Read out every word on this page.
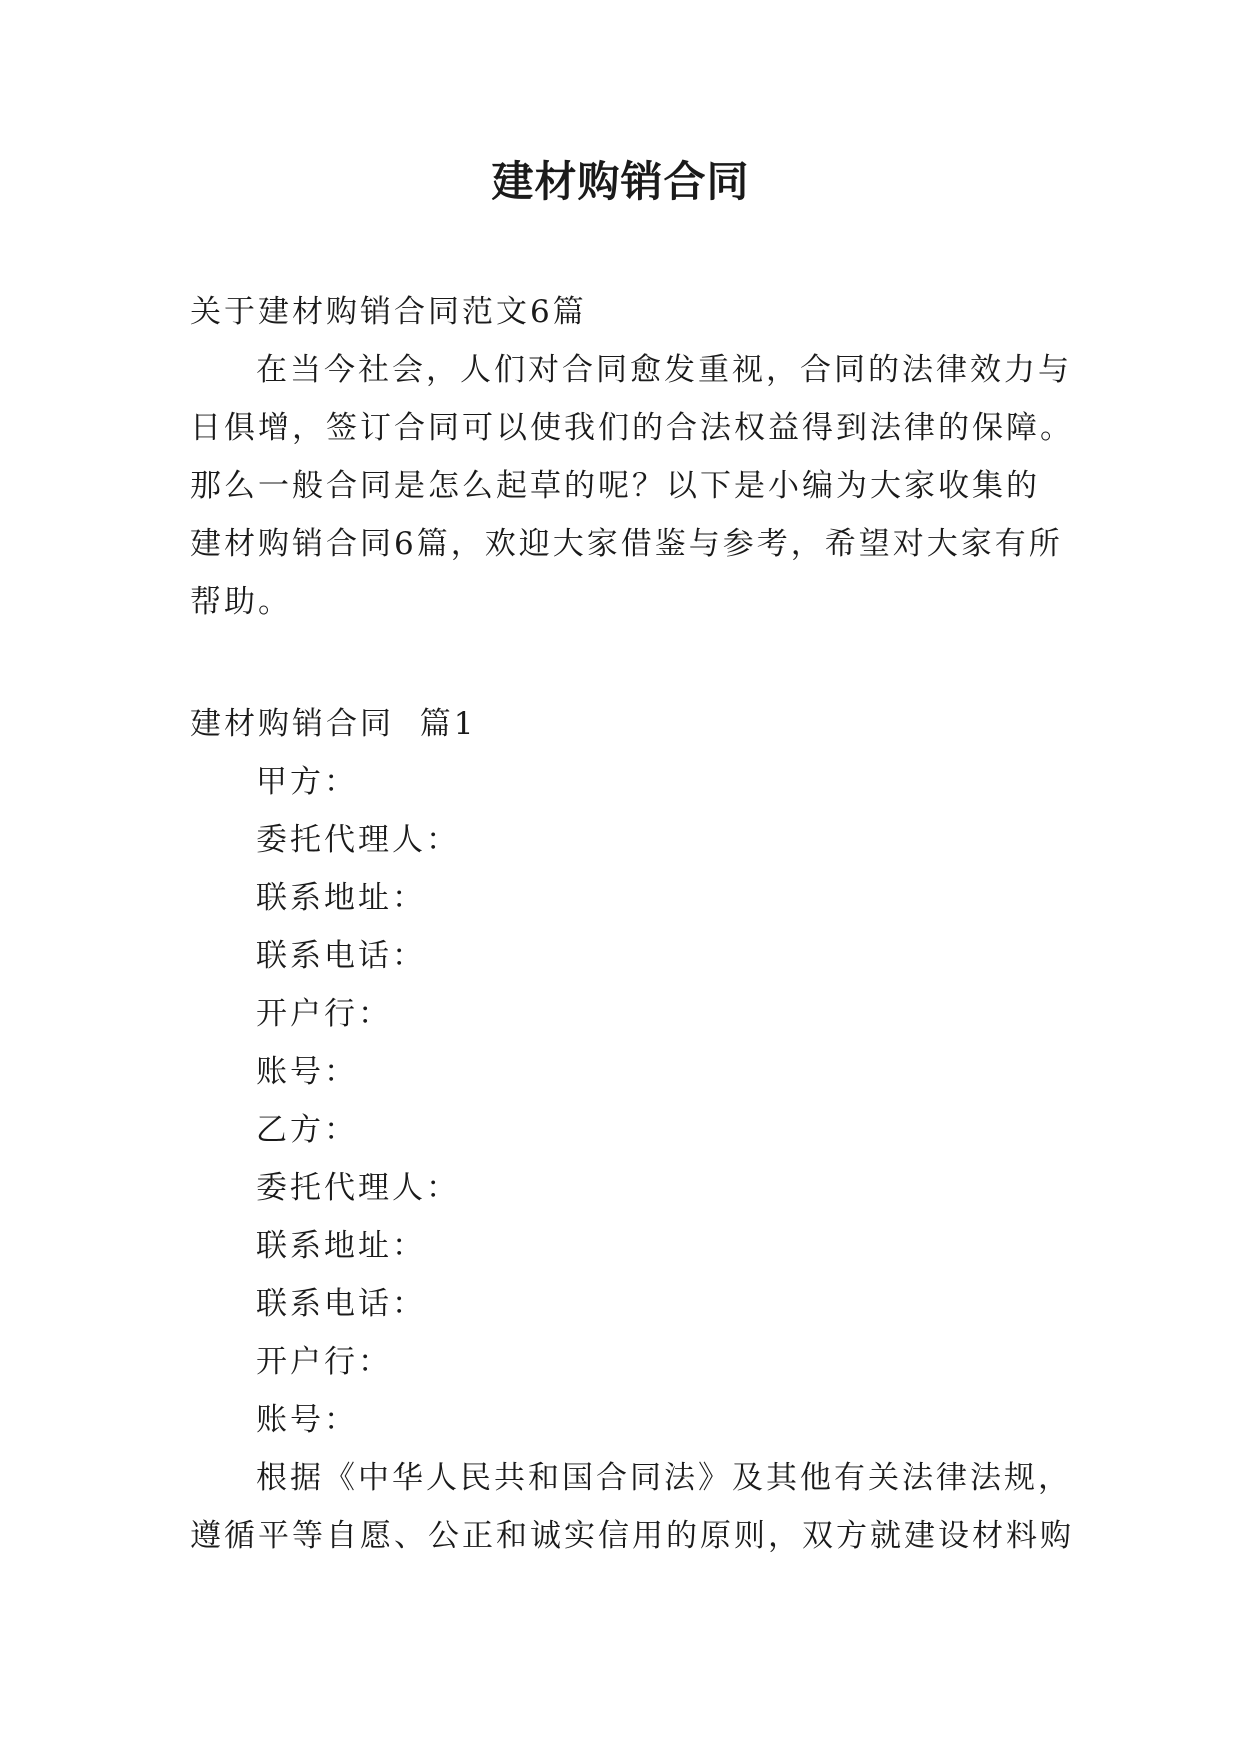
建材购销合同
关于建材购销合同范文6篇
在当今社会，人们对合同愈发重视，合同的法律效力与
日俱增，签订合同可以使我们的合法权益得到法律的保障。
那么一般合同是怎么起草的呢？以下是小编为大家收集的
建材购销合同6篇，欢迎大家借鉴与参考，希望对大家有所
帮助。
建材购销合同  篇1
甲方：
委托代理人：
联系地址：
联系电话：
开户行：
账号：
乙方：
委托代理人：
联系地址：
联系电话：
开户行：
账号：
根据《中华人民共和国合同法》及其他有关法律法规，
遵循平等自愿、公正和诚实信用的原则，双方就建设材料购
